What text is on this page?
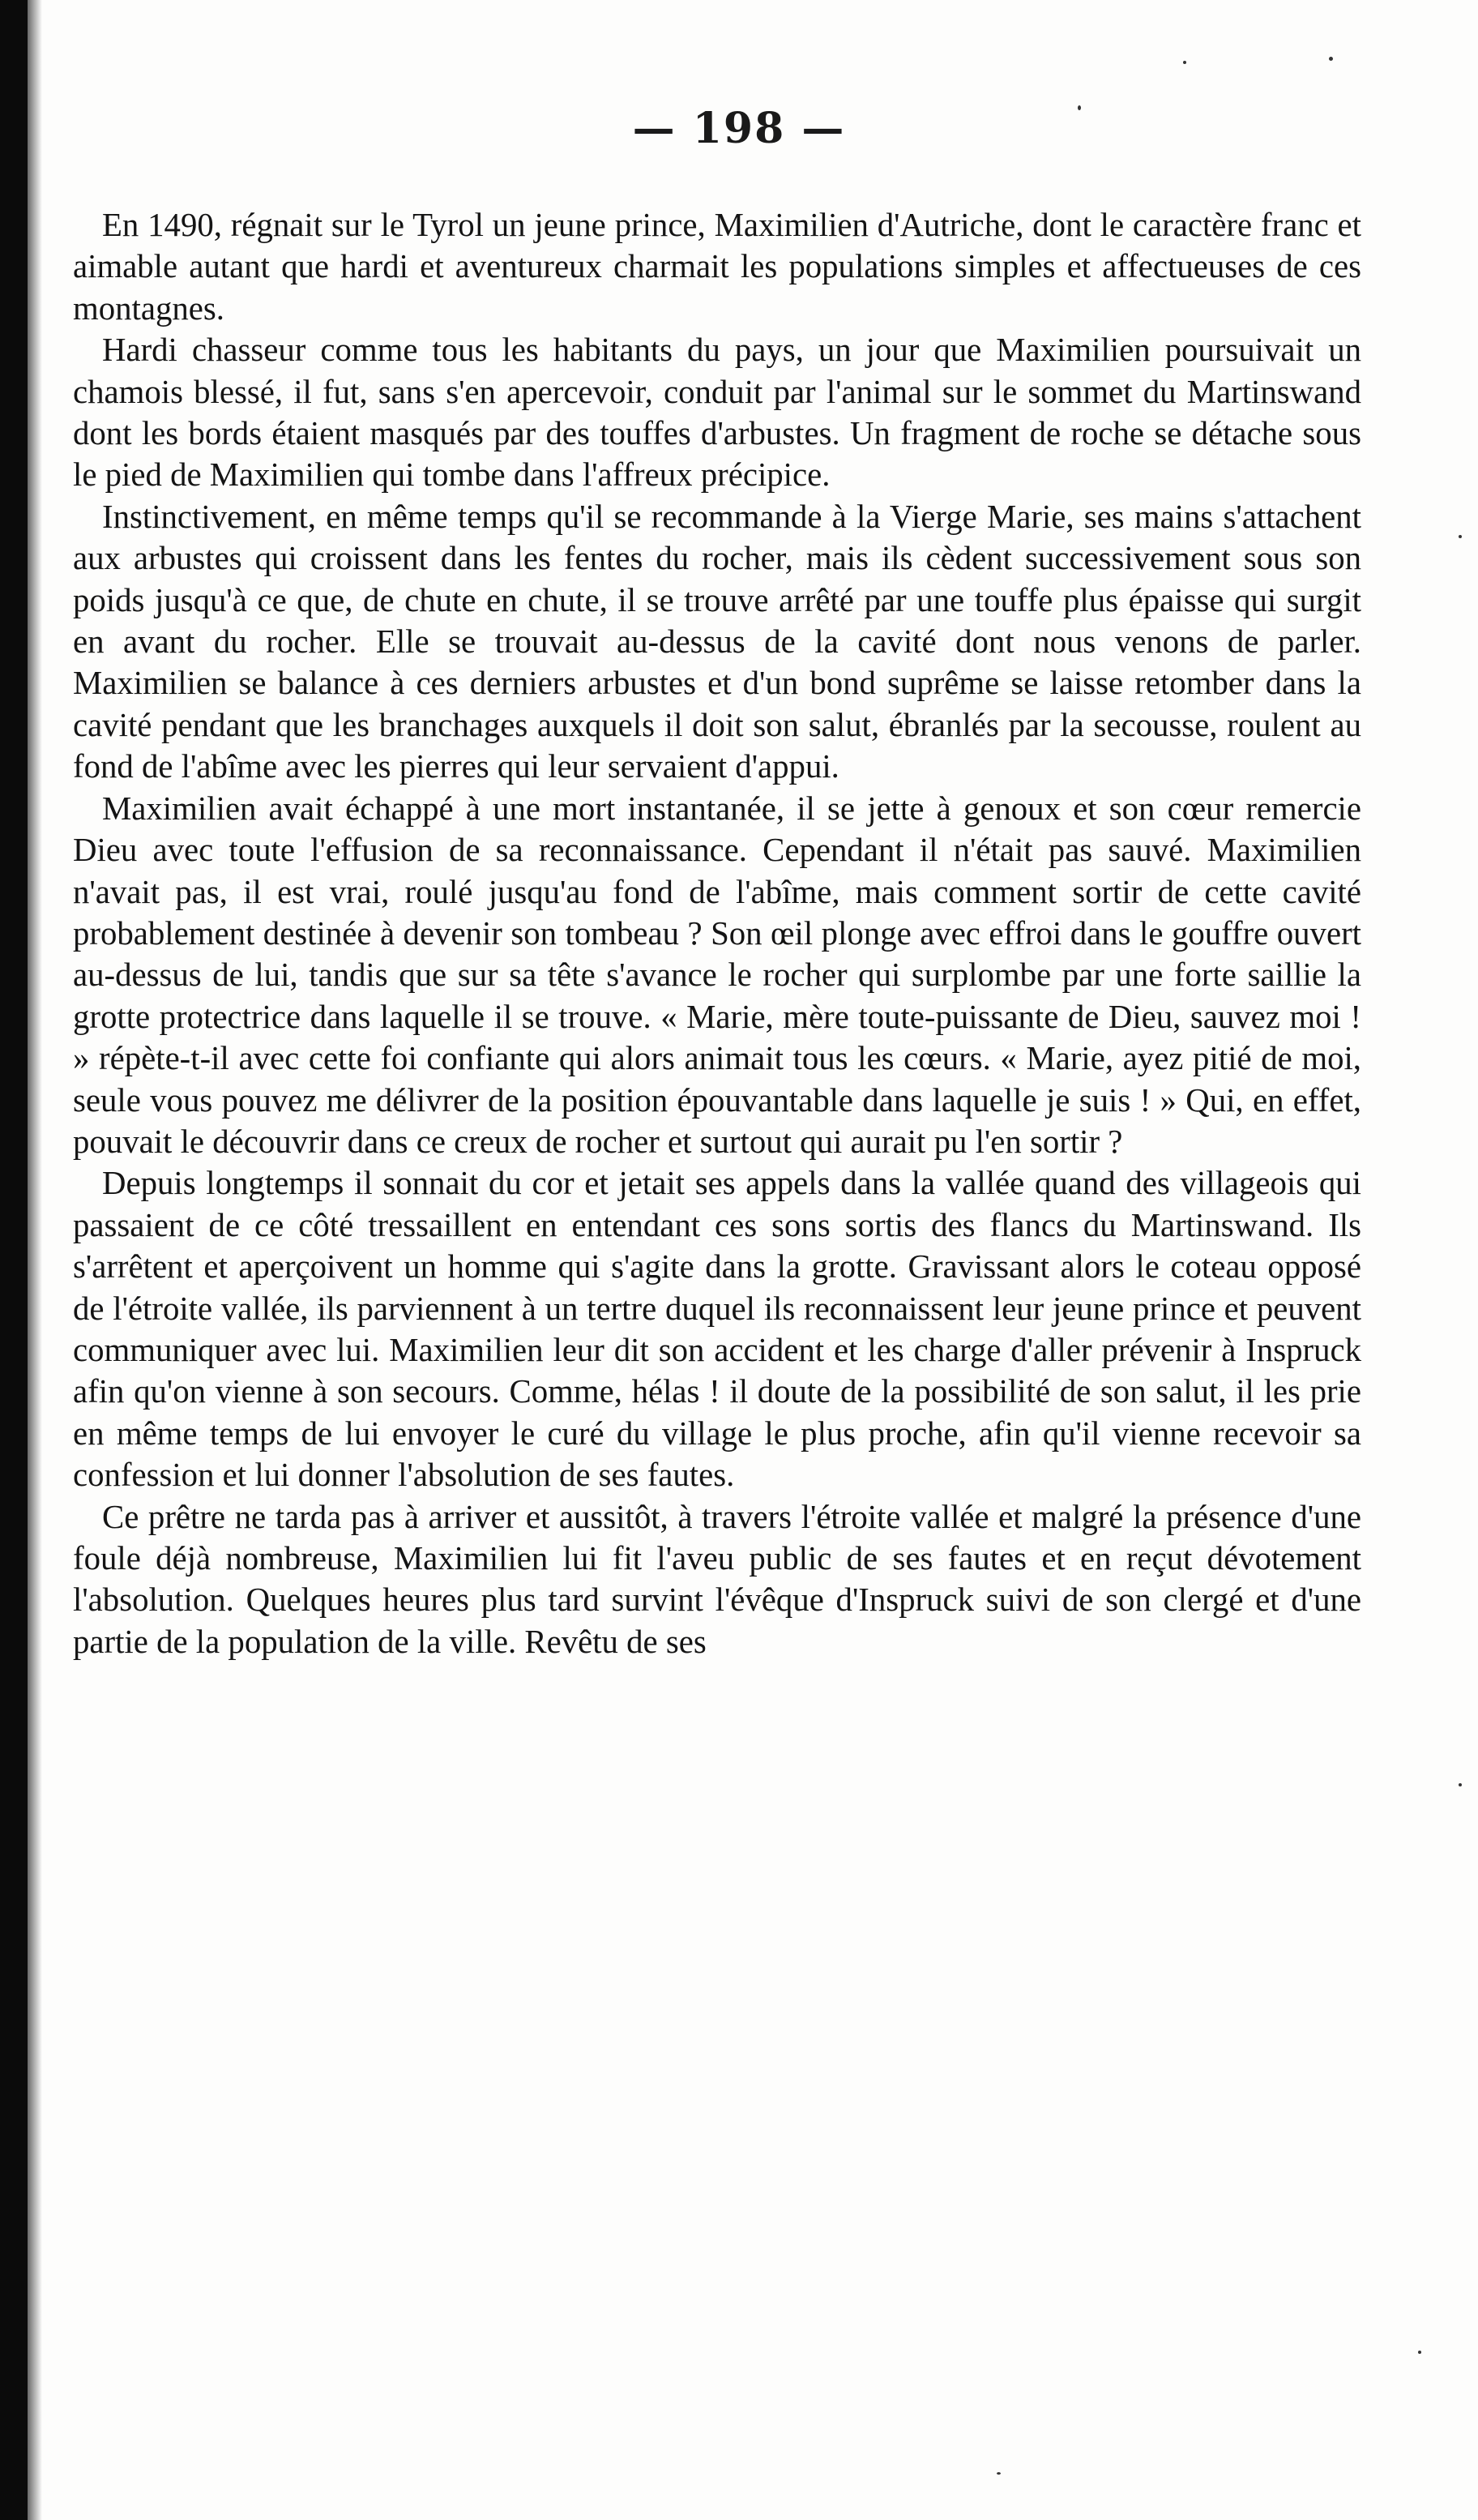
— 198 —

En 1490, régnait sur le Tyrol un jeune prince, Maximilien d'Autriche, dont le caractère franc et aimable autant que hardi et aventureux charmait les populations simples et affectueuses de ces montagnes.

Hardi chasseur comme tous les habitants du pays, un jour que Maximilien poursuivait un chamois blessé, il fut, sans s'en apercevoir, conduit par l'animal sur le sommet du Martinswand dont les bords étaient masqués par des touffes d'arbustes. Un fragment de roche se détache sous le pied de Maximilien qui tombe dans l'affreux précipice.

Instinctivement, en même temps qu'il se recommande à la Vierge Marie, ses mains s'attachent aux arbustes qui croissent dans les fentes du rocher, mais ils cèdent successivement sous son poids jusqu'à ce que, de chute en chute, il se trouve arrêté par une touffe plus épaisse qui surgit en avant du rocher. Elle se trouvait au-dessus de la cavité dont nous venons de parler. Maximilien se balance à ces derniers arbustes et d'un bond suprême se laisse retomber dans la cavité pendant que les branchages auxquels il doit son salut, ébranlés par la secousse, roulent au fond de l'abîme avec les pierres qui leur servaient d'appui.

Maximilien avait échappé à une mort instantanée, il se jette à genoux et son cœur remercie Dieu avec toute l'effusion de sa reconnaissance. Cependant il n'était pas sauvé. Maximilien n'avait pas, il est vrai, roulé jusqu'au fond de l'abîme, mais comment sortir de cette cavité probablement destinée à devenir son tombeau ? Son œil plonge avec effroi dans le gouffre ouvert au-dessus de lui, tandis que sur sa tête s'avance le rocher qui surplombe par une forte saillie la grotte protectrice dans laquelle il se trouve. « Marie, mère toute-puissante de Dieu, sauvez moi ! » répète-t-il avec cette foi confiante qui alors animait tous les cœurs. « Marie, ayez pitié de moi, seule vous pouvez me délivrer de la position épouvantable dans laquelle je suis ! » Qui, en effet, pouvait le découvrir dans ce creux de rocher et surtout qui aurait pu l'en sortir ?

Depuis longtemps il sonnait du cor et jetait ses appels dans la vallée quand des villageois qui passaient de ce côté tressaillent en entendant ces sons sortis des flancs du Martinswand. Ils s'arrêtent et aperçoivent un homme qui s'agite dans la grotte. Gravissant alors le coteau opposé de l'étroite vallée, ils parviennent à un tertre duquel ils reconnaissent leur jeune prince et peuvent communiquer avec lui. Maximilien leur dit son accident et les charge d'aller prévenir à Inspruck afin qu'on vienne à son secours. Comme, hélas ! il doute de la possibilité de son salut, il les prie en même temps de lui envoyer le curé du village le plus proche, afin qu'il vienne recevoir sa confession et lui donner l'absolution de ses fautes.

Ce prêtre ne tarda pas à arriver et aussitôt, à travers l'étroite vallée et malgré la présence d'une foule déjà nombreuse, Maximilien lui fit l'aveu public de ses fautes et en reçut dévotement l'absolution. Quelques heures plus tard survint l'évêque d'Inspruck suivi de son clergé et d'une partie de la population de la ville. Revêtu de ses
